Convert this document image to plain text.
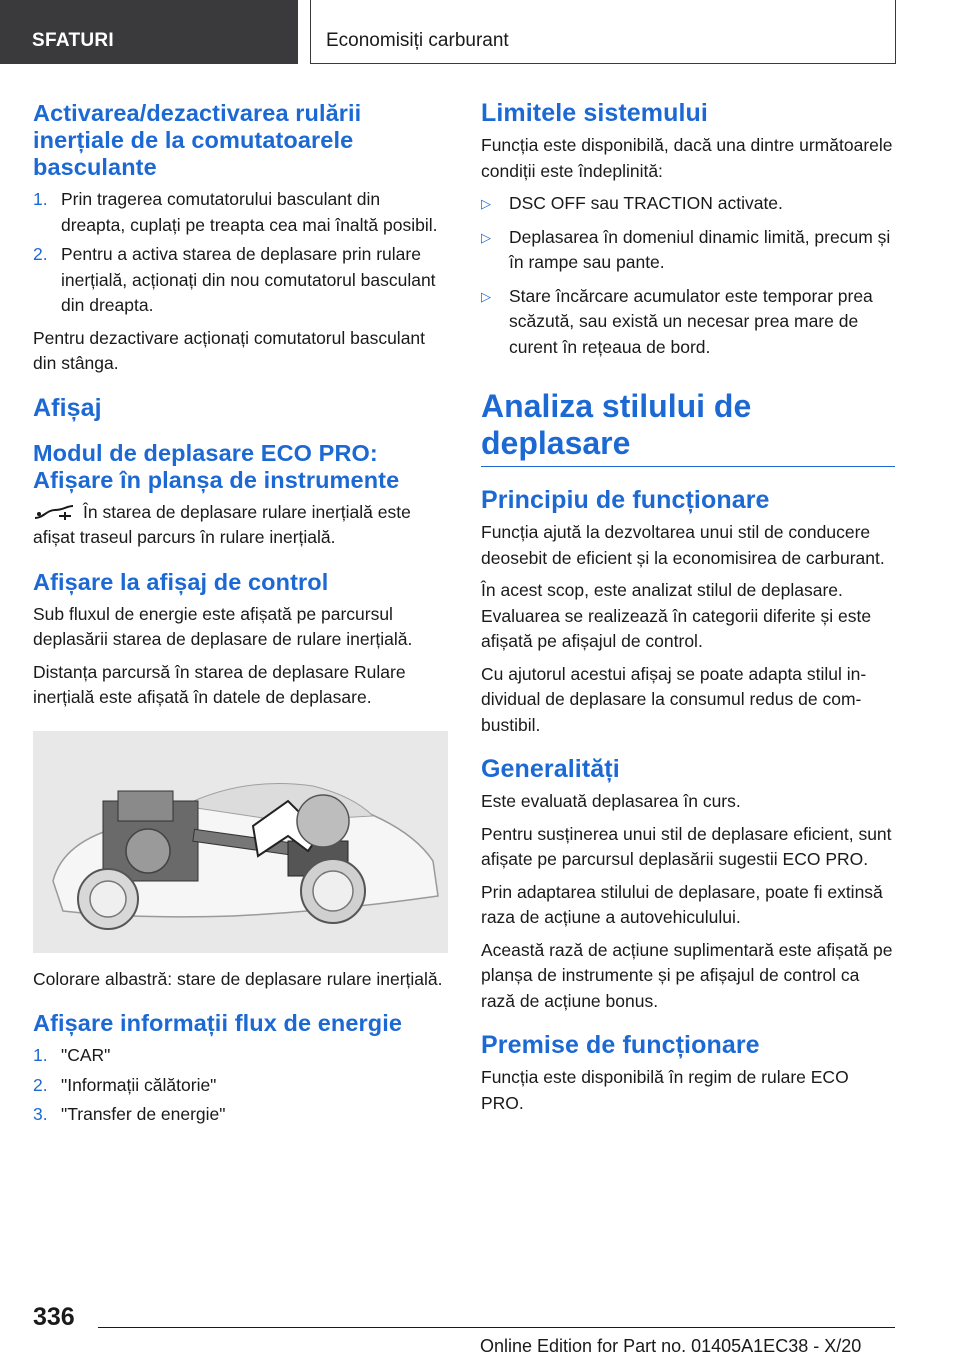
SFATURI	Economisiți carburant
Activarea/dezactivarea rulării inerțiale de la comutatoarele basculante
1. Prin tragerea comutatorului basculant din dreapta, cuplați pe treapta cea mai înaltă posibil.
2. Pentru a activa starea de deplasare prin rulare inerțială, acționați din nou comutatorul basculant din dreapta.

Pentru dezactivare acționați comutatorul basculant din stânga.

Afișaj
Modul de deplasare ECO PRO: Afișare în planșa de instrumente

În starea de deplasare rulare inerțială este afișat traseul parcurs în rulare inerțială.

Afișare la afișaj de control

Sub fluxul de energie este afișată pe parcursul deplasării starea de deplasare de rulare inerțială.

Distanța parcursă în starea de deplasare Rulare inerțială este afișată în datele de deplasare.

Colorare albastră: stare de deplasare rulare inerțială.

Afișare informații flux de energie
1. "CAR"
2. "Informații călătorie"
3. "Transfer de energie"
Limitele sistemului

Funcția este disponibilă, dacă una dintre următoarele condiții este îndeplinită:

▷ DSC OFF sau TRACTION activate.
▷ Deplasarea în domeniul dinamic limită, precum și în rampe sau pante.
▷ Stare încărcare acumulator este temporar prea scăzută, sau există un necesar prea mare de curent în rețeaua de bord.
Analiza stilului de deplasare
Principiu de funcționare

Funcția ajută la dezvoltarea unui stil de conducere deosebit de eficient și la economisirea de carburant.

În acest scop, este analizat stilul de deplasare. Evaluarea se realizează în categorii diferite și este afișată pe afișajul de control.

Cu ajutorul acestui afișaj se poate adapta stilul individual de deplasare la consumul redus de combustibil.

Generalități

Este evaluată deplasarea în curs.

Pentru susținerea unui stil de deplasare eficient, sunt afișate pe parcursul deplasării sugestii ECO PRO.

Prin adaptarea stilului de deplasare, poate fi extinsă raza de acțiune a autovehiculului.

Această rază de acțiune suplimentară este afișată pe planșa de instrumente și pe afișajul de control ca rază de acțiune bonus.

Premise de funcționare

Funcția este disponibilă în regim de rulare ECO PRO.

336
Online Edition for Part no. 01405A1EC38 - X/20
